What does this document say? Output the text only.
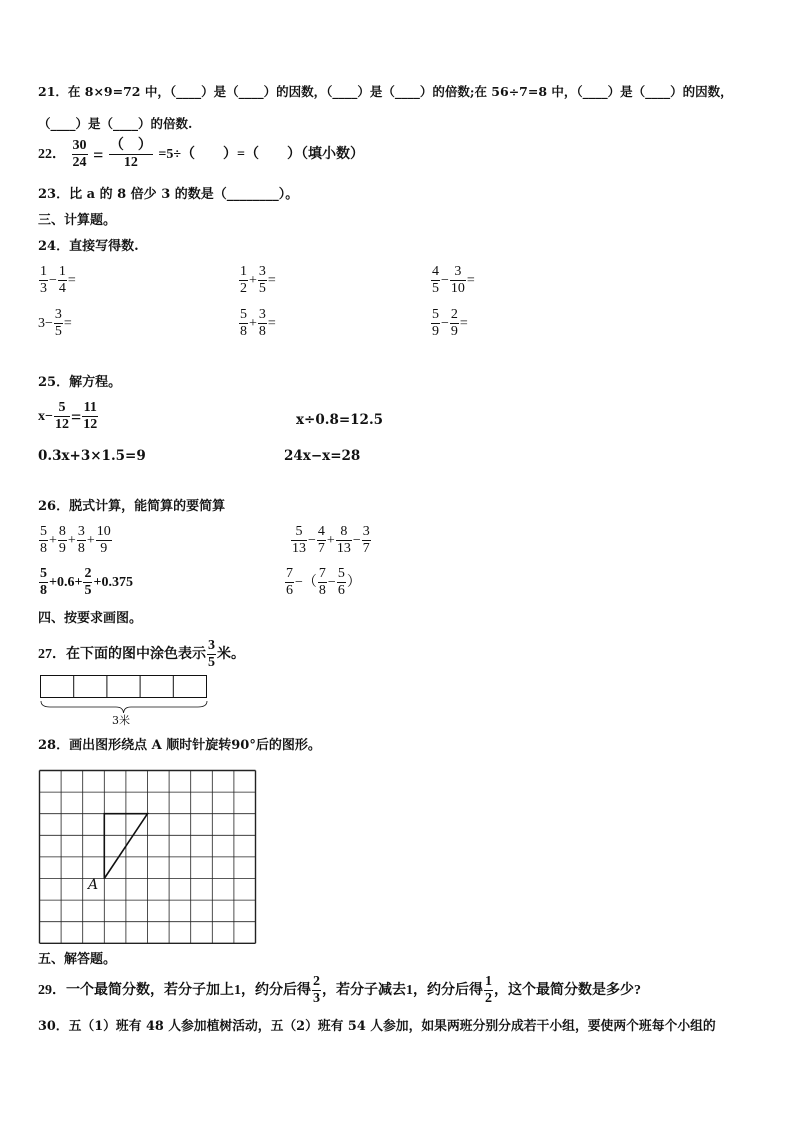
21．在 8×9=72 中，（____）是（____）的因数，（____）是（____）的倍数;在 56÷7=8 中，（____）是（____）的因数，
（____）是（____）的倍数.
22． $\frac{30}{24} = \frac{( )}{12} =5\div$（　　）=（　　）（填小数）
23．比 a 的 8 倍少 3 的数是（________）。
三、计算题。
24．直接写得数.
$\frac{1}{3} - \frac{1}{4}$ =	$\frac{1}{2} + \frac{3}{5}$ =	$\frac{4}{5} - \frac{3}{10}$ =
$3- \frac{3}{5}$ =	$\frac{5}{8} + \frac{3}{8}$ =	$\frac{5}{9} - \frac{2}{9}$ =
25．解方程。
$x- \frac{5}{12} = \frac{11}{12}$	x÷0.8=12.5
0.3x+3×1.5=9	24x−x=28
26．脱式计算，能简算的要简算
$\frac{5}{8} + \frac{8}{9} + \frac{3}{8} + \frac{10}{9}$	$\frac{5}{13} - \frac{4}{7} + \frac{8}{13} - \frac{3}{7}$
$\frac{5}{8} +0.6+ \frac{2}{5} +0.375$	$\frac{7}{6}$ −（ $\frac{7}{8} - \frac{5}{6}$ ）
四、按要求画图。
27．在下面的图中涂色表示 $\frac{3}{5}$ 米。
3米
28．画出图形绕点 A 顺时针旋转90°后的图形。
A
五、解答题。
29．一个最简分数，若分子加上1，约分后得 $\frac{2}{3}$ ，若分子减去1，约分后得 $\frac{1}{2}$ ，这个最简分数是多少?
30．五（1）班有 48 人参加植树活动，五（2）班有 54 人参加，如果两班分别分成若干小组，要使两个班每个小组的
